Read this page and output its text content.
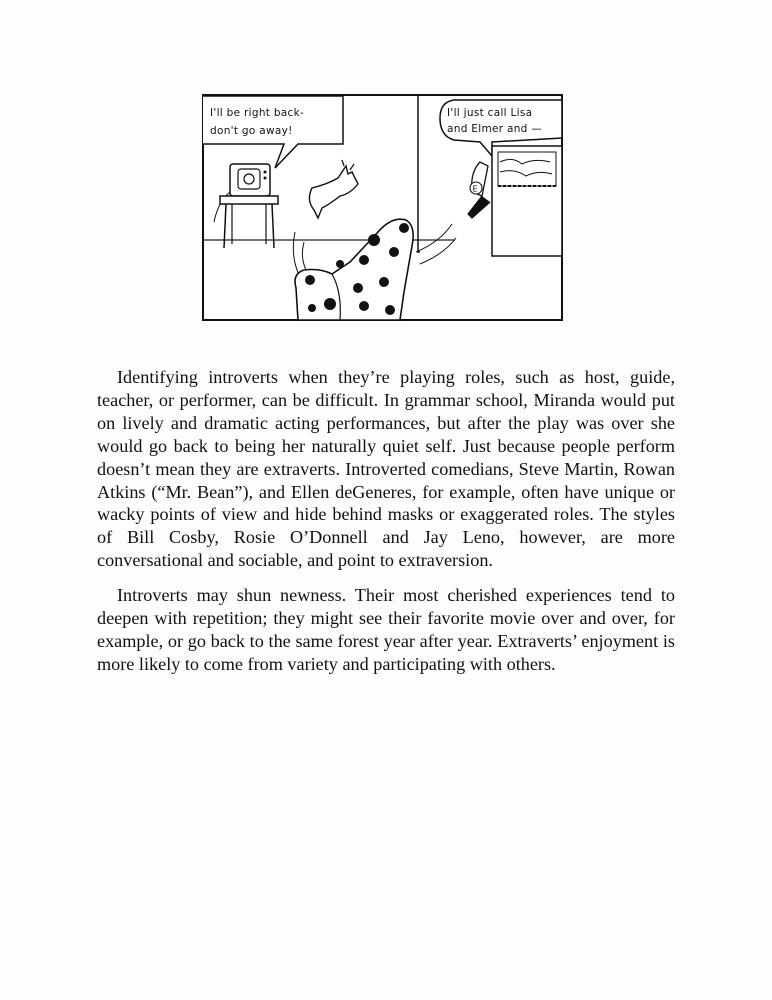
I'll be right back-
don't go away!
I'll just call Lisa
and Elmer and —
E

Identifying introverts when they’re playing roles, such as host, guide, teacher, or performer, can be difficult. In grammar school, Miranda would put on lively and dramatic acting performances, but after the play was over she would go back to being her naturally quiet self. Just because people perform doesn’t mean they are extraverts. Introverted comedians, Steve Martin, Rowan Atkins (“Mr. Bean”), and Ellen deGeneres, for example, often have unique or wacky points of view and hide behind masks or exaggerated roles. The styles of Bill Cosby, Rosie O’Donnell and Jay Leno, however, are more conversational and sociable, and point to extraversion.

Introverts may shun newness. Their most cherished experiences tend to deepen with repetition; they might see their favorite movie over and over, for example, or go back to the same forest year after year. Extraverts’ enjoyment is more likely to come from variety and participating with others.
